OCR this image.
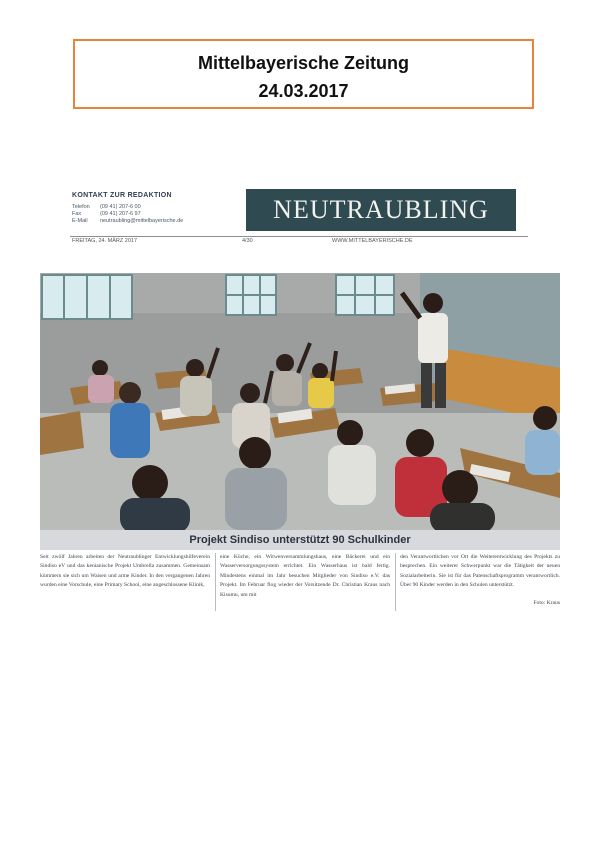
Mittelbayerische Zeitung
24.03.2017
KONTAKT ZUR REDAKTION
Telefon (09 41) 207-6 00
Fax	(09 41) 207-6 97
E-Mail neutraubling@mittelbayerische.de	NEUTRAUBLING
FREITAG, 24. MÄRZ 2017	4/30	WWW.MITTELBAYERISCHE.DE
Projekt Sindiso unterstützt 90 Schulkinder
Seit zwölf Jahren arbeiten der Neutraublinger Entwicklungshilfeverein Sindiso eV und das kenianische Projekt Umbrella zusammen. Gemeinsam kümmern sie sich um Waisen und arme Kinder. In den vergangenen Jahren wurden eine Vorschule, eine Primary School, eine angeschlossene Klinik,
eine Küche, ein Witwenversammlungshaus, eine Bäckerei und ein Wasserversorgungssystem errichtet. Ein Wasserhaus ist bald fertig. Mindestens einmal im Jahr besuchen Mitglieder von Sindiso e.V. das Projekt. Im Februar flog wieder der Vorsitzende Dr. Christian Kraus nach Kisumu, um mit
den Verantwortlichen vor Ort die Weiterentwicklung des Projekts zu besprechen. Ein weiterer Schwerpunkt war die Tätigkeit der neuen Sozialarbeiterin. Sie ist für das Patenschaftsprogramm verantwortlich. Über 90 Kinder werden in den Schulen unterstützt.
Foto: Kraus
